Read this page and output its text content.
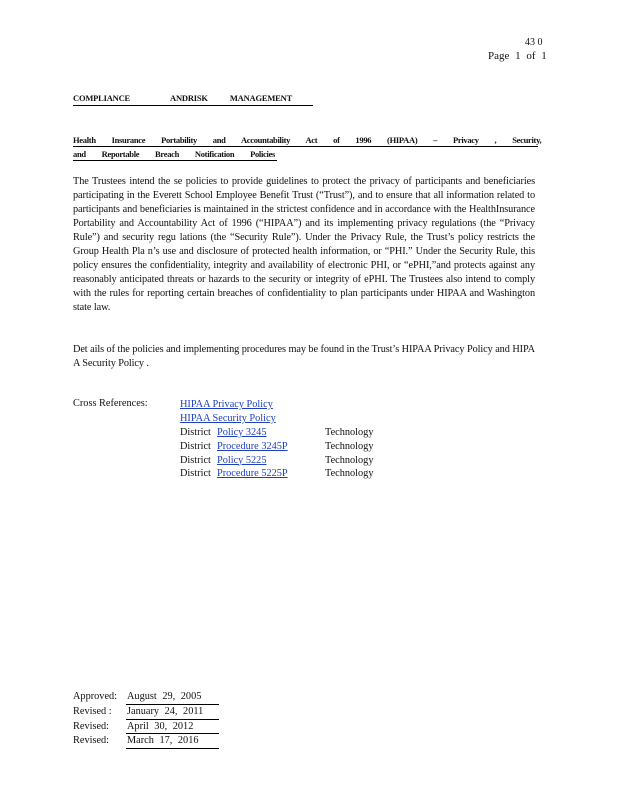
43 0
Page 1 of 1
COMPLIANCE	ANDRISK	MANAGEMENT
Health Insurance Portability and Accountability Act of 1996 (HIPAA) – Privacy , Security,
and Reportable Breach Notification Policies
The Trustees intend the se policies to provide guidelines to protect the privacy of participants and beneficiaries participating in the Everett School Employee Benefit Trust (“Trust”), and to ensure that all information related to participants and beneficiaries is maintained in the strictest confidence and in accordance with the HealthInsurance Portability and Accountability Act of 1996 (“HIPAA”) and its implementing privacy regulations (the “Privacy Rule”) and security regu lations (the “Security Rule”). Under the Privacy Rule, the Trust’s policy restricts the Group Health Pla n’s use and disclosure of protected health information, or “PHI.” Under the Security Rule, this policy ensures the confidentiality, integrity and availability of electronic PHI, or “ePHI,”and protects against any reasonably anticipated threats or hazards to the security or integrity of ePHI. The Trustees also intend to comply with the rules for reporting certain breaches of confidentiality to plan participants under HIPAA and Washington state law.
Det ails of the policies and implementing procedures may be found in the Trust’s HIPAA Privacy Policy and HIPA A Security Policy .
Cross References:	HIPAA Privacy Policy
HIPAA Security Policy
District Policy 3245	Technology
District Procedure 3245P	Technology
District Policy 5225	Technology
District Procedure 5225P	Technology
Approved: August 29, 2005
Revised :	January 24, 2011
Revised:	April 30, 2012
Revised:	March 17, 2016
